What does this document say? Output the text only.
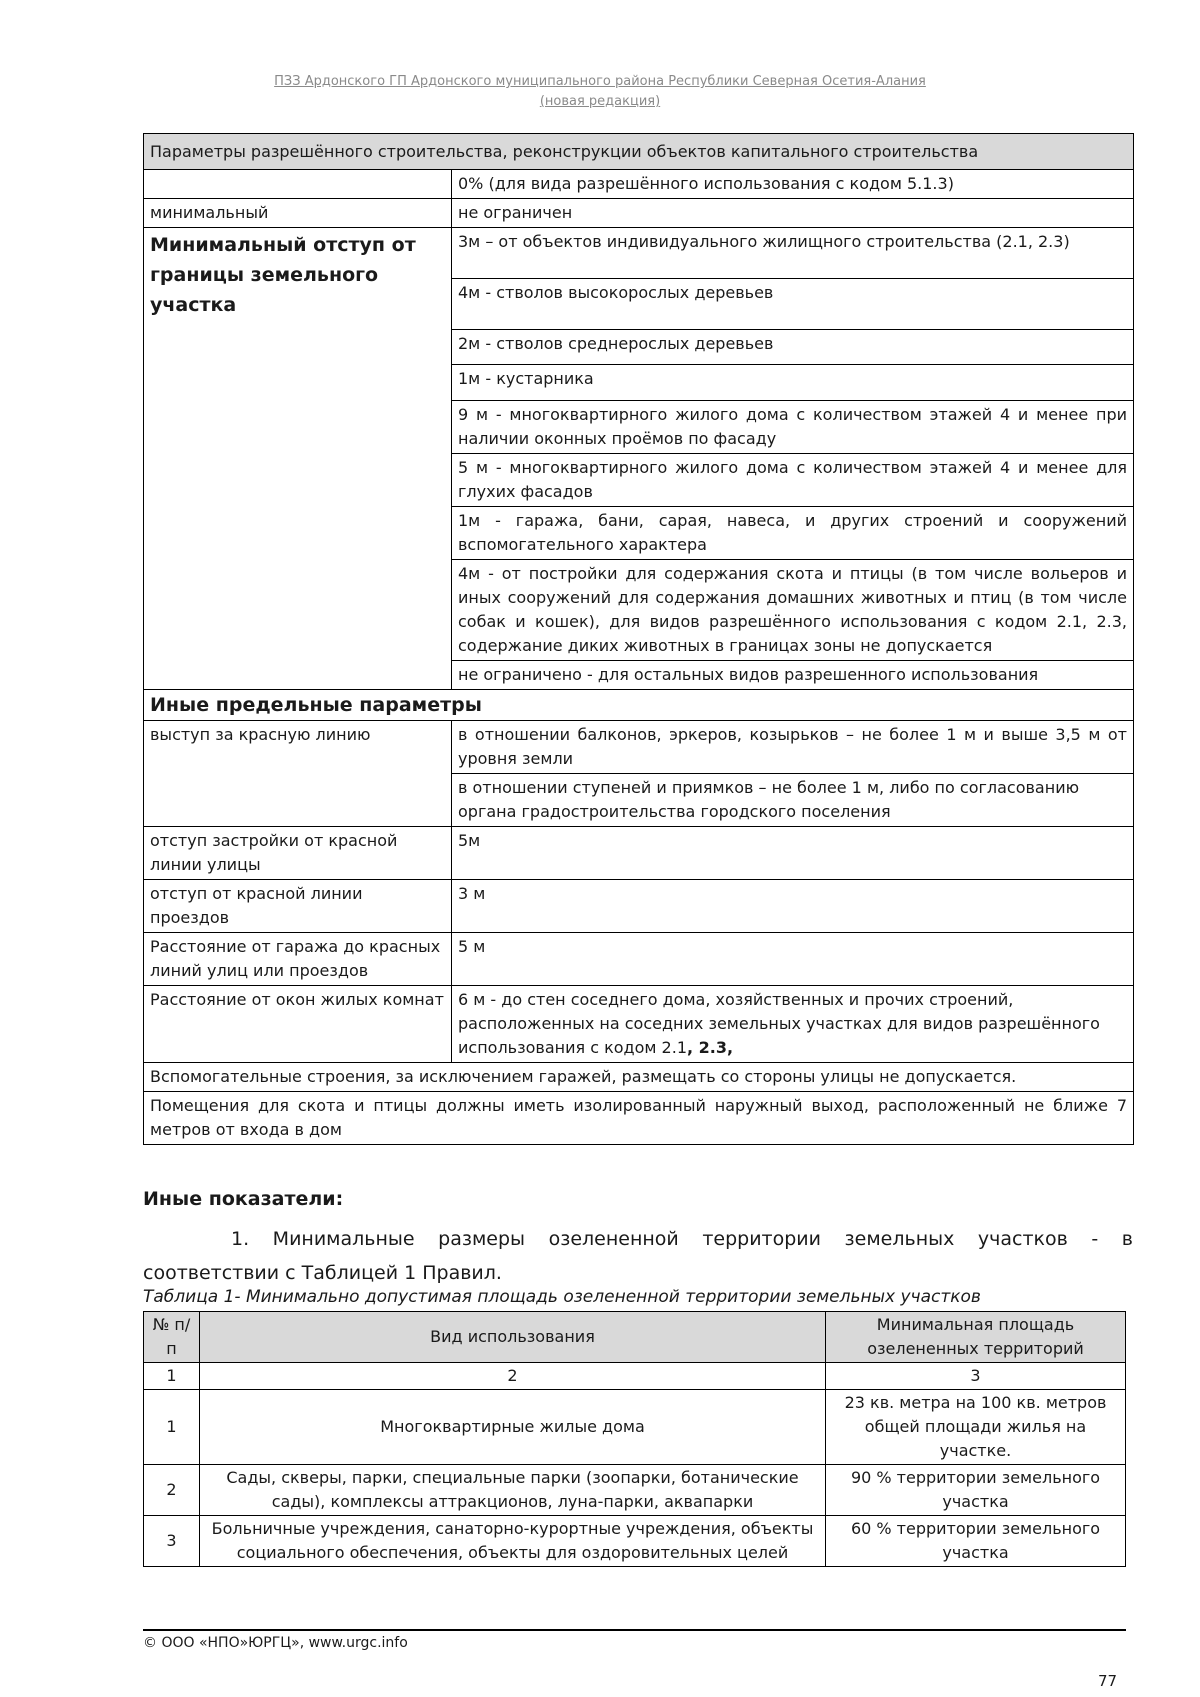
ПЗЗ Ардонского ГП Ардонского муниципального района Республики Северная Осетия-Алания
(новая редакция)
Параметры разрешённого строительства, реконструкции объектов капитального строительства	
	0% (для вида разрешённого использования с кодом 5.1.3)
минимальный	не ограничен
Минимальный отступ от границы земельного участка	3м – от объектов индивидуального жилищного строительства (2.1, 2.3)
	4м - стволов высокорослых деревьев
	2м - стволов среднерослых деревьев
	1м - кустарника
	9 м - многоквартирного жилого дома с количеством этажей 4 и менее при наличии оконных проёмов по фасаду
	5 м - многоквартирного жилого дома с количеством этажей 4 и менее для глухих фасадов
	1м - гаража, бани, сарая, навеса, и других строений и сооружений вспомогательного характера
	4м - от постройки для содержания скота и птицы (в том числе вольеров и иных сооружений для содержания домашних животных и птиц (в том числе собак и кошек), для видов разрешённого использования с кодом 2.1, 2.3, содержание диких животных в границах зоны не допускается
	не ограничено - для остальных видов разрешенного использования
Иные предельные параметры	
выступ за красную линию	в отношении балконов, эркеров, козырьков – не более 1 м и выше 3,5 м от уровня земли
	в отношении ступеней и приямков – не более 1 м, либо по согласованию органа градостроительства городского поселения
отступ застройки от красной линии улицы	5м
отступ от красной линии проездов	3 м
Расстояние от гаража до красных линий улиц или проездов	5 м
Расстояние от окон жилых комнат	6 м - до стен соседнего дома, хозяйственных и прочих строений, расположенных на соседних земельных участках для видов разрешённого использования с кодом 2.1, 2.3,
Вспомогательные строения, за исключением гаражей, размещать со стороны улицы не допускается.	
Помещения для скота и птицы должны иметь изолированный наружный выход, расположенный не ближе 7 метров от входа в дом	
Иные показатели:
1. Минимальные размеры озелененной территории земельных участков - в соответствии с Таблицей 1 Правил.
Таблица 1- Минимально допустимая площадь озелененной территории земельных участков
№ п/п	Вид использования	Минимальная площадь озелененных территорий
1	2	3
1	Многоквартирные жилые дома	23 кв. метра на 100 кв. метров общей площади жилья на участке.
2	Сады, скверы, парки, специальные парки (зоопарки, ботанические сады), комплексы аттракционов, луна-парки, аквапарки	90 % территории земельного участка
3	Больничные учреждения, санаторно-курортные учреждения, объекты социального обеспечения, объекты для оздоровительных целей	60 % территории земельного участка
© ООО «НПО»ЮРГЦ», www.urgc.info
77
